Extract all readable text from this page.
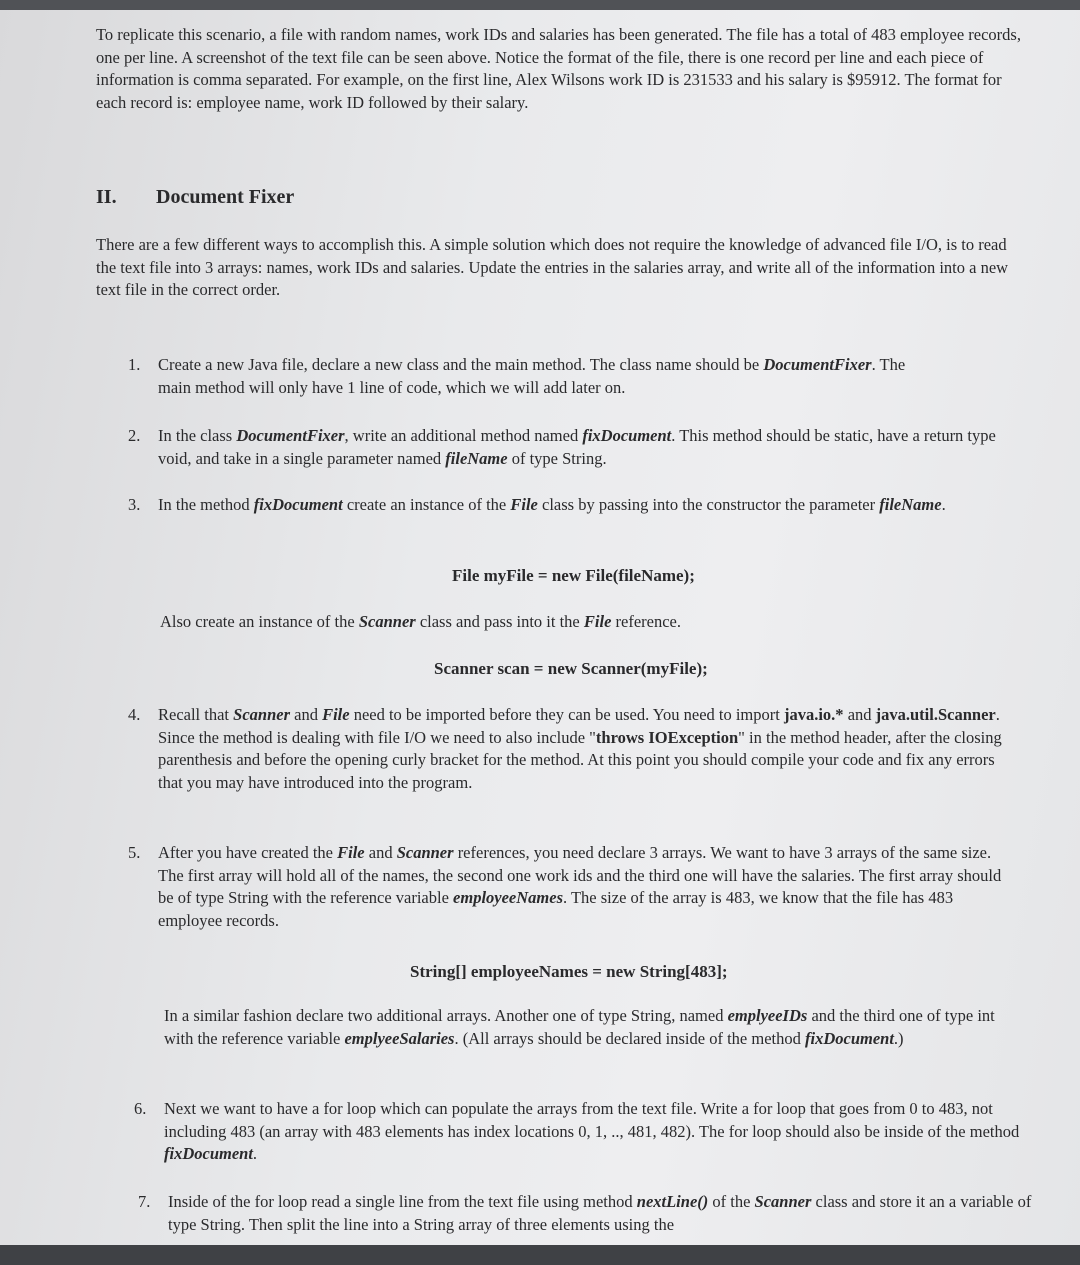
To replicate this scenario, a file with random names, work IDs and salaries has been generated. The file has a total of 483 employee records, one per line. A screenshot of the text file can be seen above. Notice the format of the file, there is one record per line and each piece of information is comma separated. For example, on the first line, Alex Wilsons work ID is 231533 and his salary is $95912. The format for each record is: employee name, work ID followed by their salary.

II. Document Fixer

There are a few different ways to accomplish this. A simple solution which does not require the knowledge of advanced file I/O, is to read the text file into 3 arrays: names, work IDs and salaries. Update the entries in the salaries array, and write all of the information into a new text file in the correct order.

1. Create a new Java file, declare a new class and the main method. The class name should be DocumentFixer. The main method will only have 1 line of code, which we will add later on.
2. In the class DocumentFixer, write an additional method named fixDocument. This method should be static, have a return type void, and take in a single parameter named fileName of type String.
3. In the method fixDocument create an instance of the File class by passing into the constructor the parameter fileName.

File myFile = new File(fileName);

Also create an instance of the Scanner class and pass into it the File reference.

Scanner scan = new Scanner(myFile);

4. Recall that Scanner and File need to be imported before they can be used. You need to import java.io.* and java.util.Scanner. Since the method is dealing with file I/O we need to also include "throws IOException" in the method header, after the closing parenthesis and before the opening curly bracket for the method. At this point you should compile your code and fix any errors that you may have introduced into the program.
5. After you have created the File and Scanner references, you need declare 3 arrays. We want to have 3 arrays of the same size. The first array will hold all of the names, the second one work ids and the third one will have the salaries. The first array should be of type String with the reference variable employeeNames. The size of the array is 483, we know that the file has 483 employee records.

String[] employeeNames = new String[483];

In a similar fashion declare two additional arrays. Another one of type String, named emplyeeIDs and the third one of type int with the reference variable emplyeeSalaries. (All arrays should be declared inside of the method fixDocument.)

6. Next we want to have a for loop which can populate the arrays from the text file. Write a for loop that goes from 0 to 483, not including 483 (an array with 483 elements has index locations 0, 1, .., 481, 482). The for loop should also be inside of the method fixDocument.
7. Inside of the for loop read a single line from the text file using method nextLine() of the Scanner class and store it an a variable of type String. Then split the line into a String array of three elements using the
